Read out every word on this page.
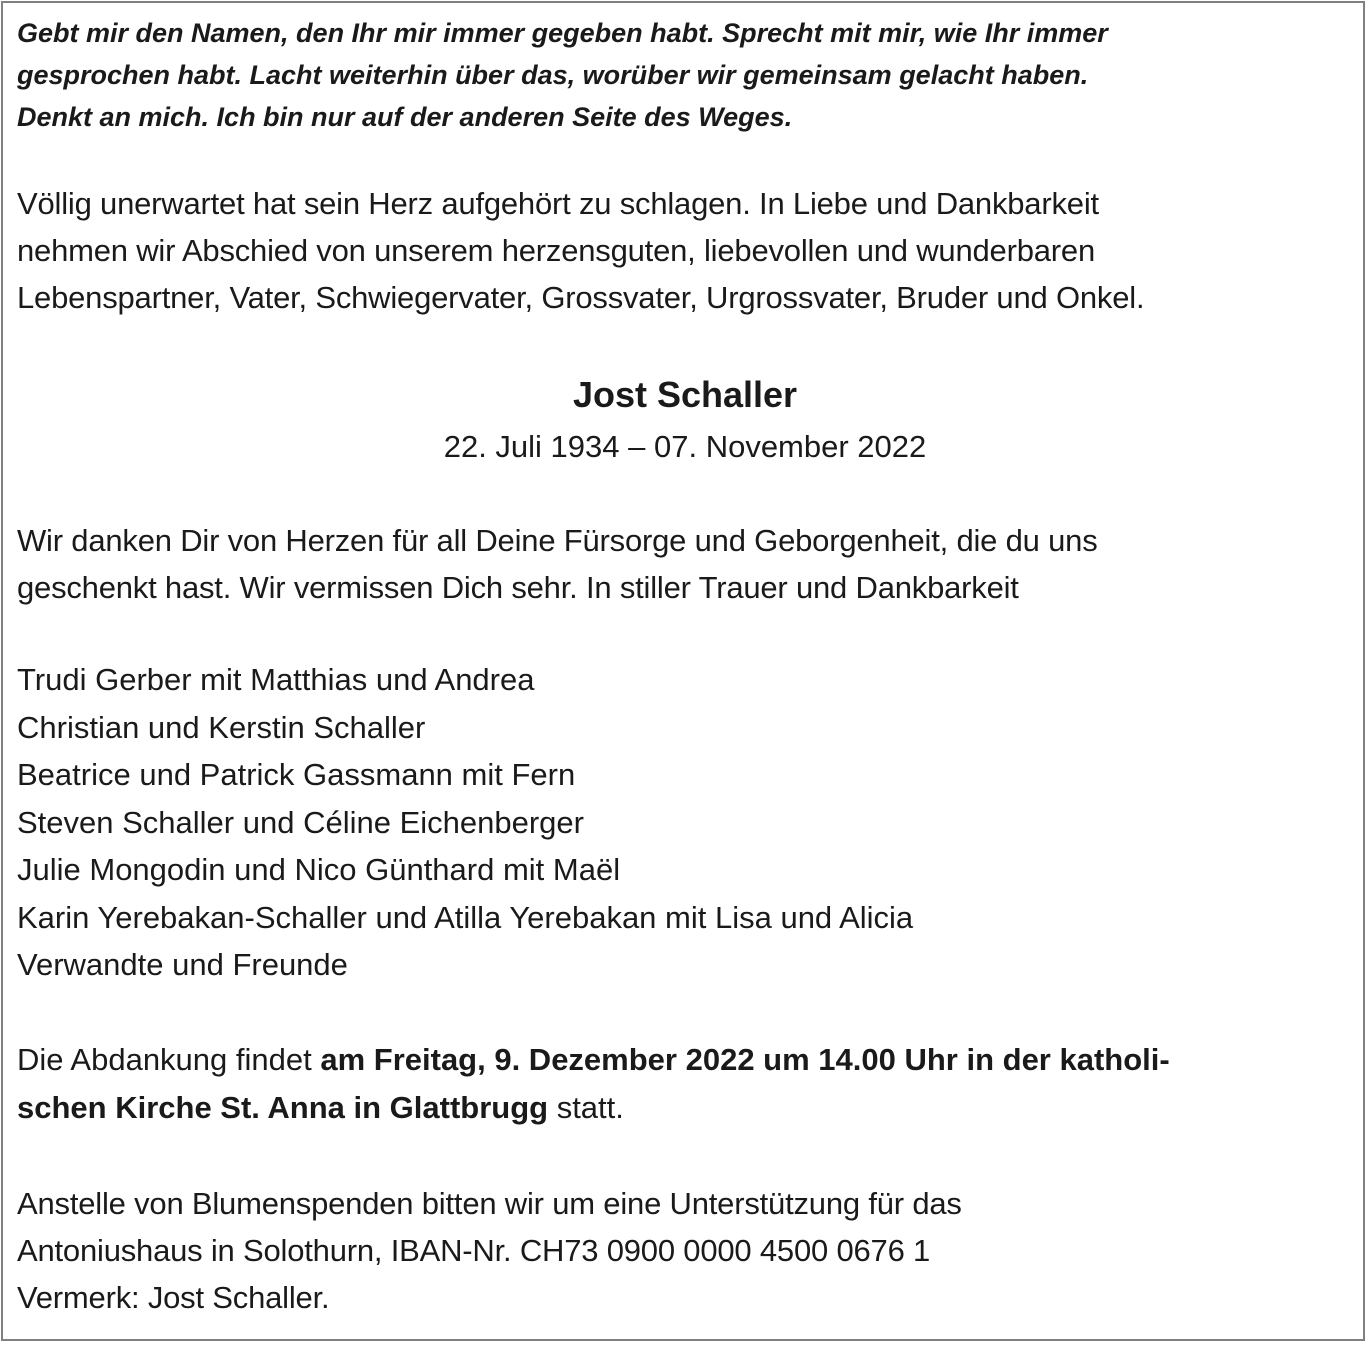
Gebt mir den Namen, den Ihr mir immer gegeben habt. Sprecht mit mir, wie Ihr immer
gesprochen habt. Lacht weiterhin über das, worüber wir gemeinsam gelacht haben.
Denkt an mich. Ich bin nur auf der anderen Seite des Weges.
Völlig unerwartet hat sein Herz aufgehört zu schlagen. In Liebe und Dankbarkeit
nehmen wir Abschied von unserem herzensguten, liebevollen und wunderbaren
Lebenspartner, Vater, Schwiegervater, Grossvater, Urgrossvater, Bruder und Onkel.
Jost Schaller
22. Juli 1934 – 07. November 2022
Wir danken Dir von Herzen für all Deine Fürsorge und Geborgenheit, die du uns
geschenkt hast. Wir vermissen Dich sehr. In stiller Trauer und Dankbarkeit
Trudi Gerber mit Matthias und Andrea
Christian und Kerstin Schaller
Beatrice und Patrick Gassmann mit Fern
Steven Schaller und Céline Eichenberger
Julie Mongodin und Nico Günthard mit Maël
Karin Yerebakan-Schaller und Atilla Yerebakan mit Lisa und Alicia
Verwandte und Freunde
Die Abdankung findet am Freitag, 9. Dezember 2022 um 14.00 Uhr in der katholi-
schen Kirche St. Anna in Glattbrugg statt.
Anstelle von Blumenspenden bitten wir um eine Unterstützung für das
Antoniushaus in Solothurn, IBAN-Nr. CH73 0900 0000 4500 0676 1
Vermerk: Jost Schaller.
